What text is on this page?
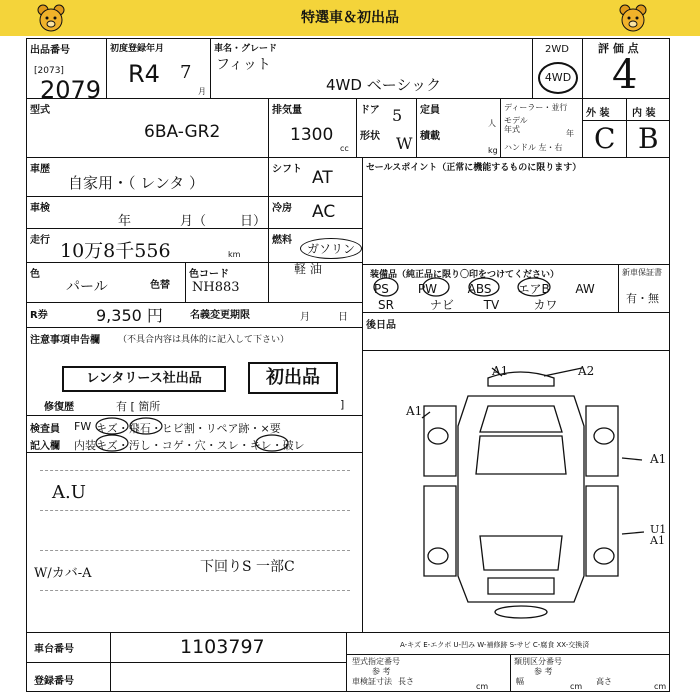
特選車＆初出品
出品番号
[2073]
2079
初度登録年月
R4 7
月
車名・グレード
フィット
4WD ベーシック
2WD
4WD
評 価 点
4
型式
6BA-GR2
排気量
1300
cc
ドア 5
形状 W
定員
人
積載
kg
ディーラー・並行
モデル年式	年
ハンドル 左・右
外 装 内 装
C B
車歴
自家用・（ レンタ ）
シフト AT
車検
年	月（	日）
冷房 AC
走行 10万8千556	km
燃料
ガソリン
軽 油
色
パール	色替
色コード
NH883
R券	9,350 円	名義変更期限	月	日
セールスポイント（正常に機能するものに限ります）
装備品（純正品に限り〇印をつけてください）
PS PW	ABS エアB AW
SR	ナビ TV	カワ
新車保証書
有・無
後日品
注意事項申告欄 （不具合内容は具体的に記入して下さい）
レンタリース社出品	初出品
修復歴	有 [ 箇所	]
検査員
記入欄
FW キズ・飛石・ヒビ割・リペア跡・×要
内装 キズ・汚し・コゲ・穴・スレ・キレ・破レ
A.U
W/カバ-A	下回りS 一部C
A1	A2
A1
A1
U1 A1
A-キズ E-エクボ U-凹み W-補修跡 S-サビ C-腐食 XX-交換済
車台番号	1103797
登録番号
型式指定番号	類別区分番号
参 考	参 考
車検証寸法 長さ
cm
幅
cm
高さ
cm
